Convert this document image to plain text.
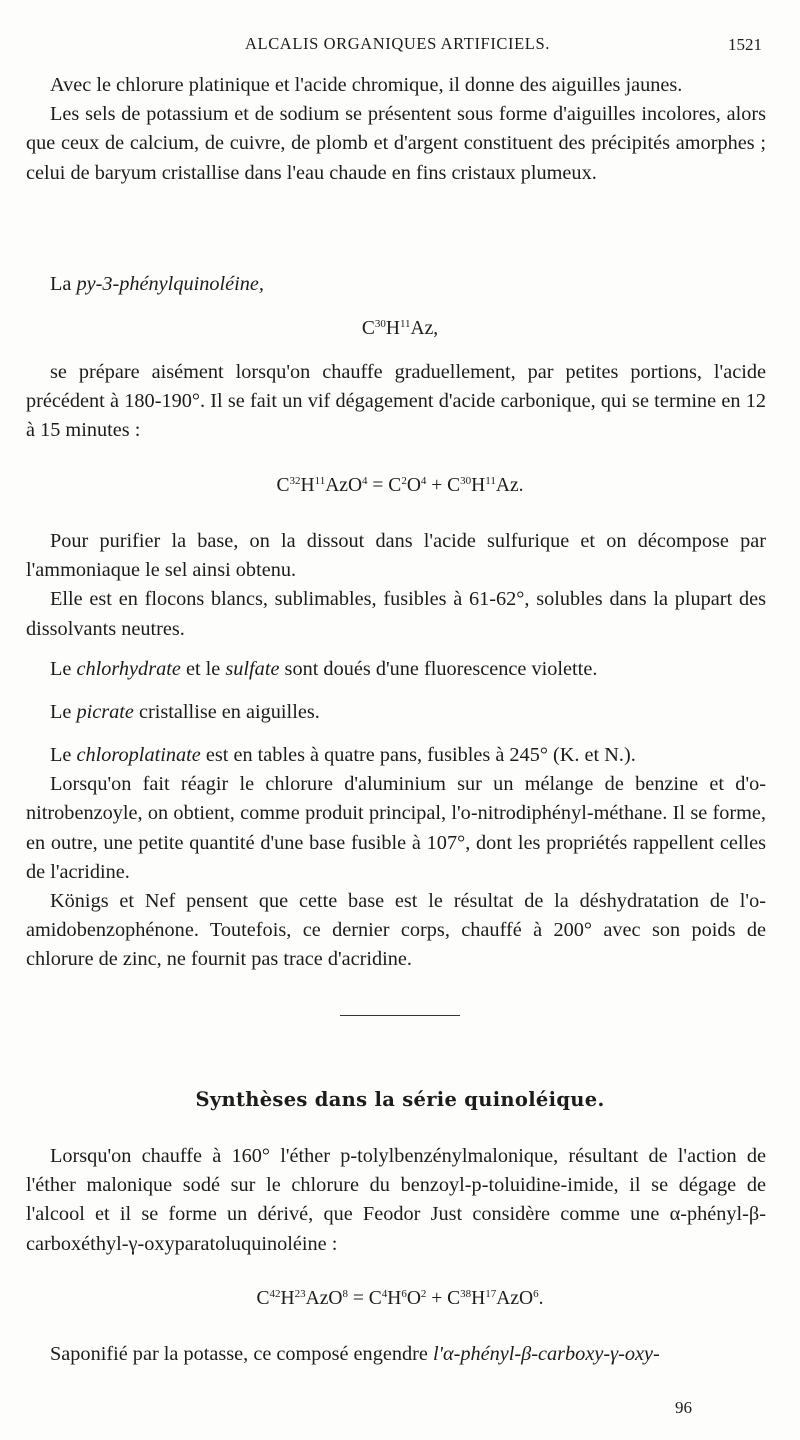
ALCALIS ORGANIQUES ARTIFICIELS.	1521

Avec le chlorure platinique et l'acide chromique, il donne des aiguilles jaunes.

Les sels de potassium et de sodium se présentent sous forme d'aiguilles incolores, alors que ceux de calcium, de cuivre, de plomb et d'argent constituent des précipités amorphes ; celui de baryum cristallise dans l'eau chaude en fins cristaux plumeux.

La py-3-phénylquinoléine,

$C^{30}H^{11}Az$,

se prépare aisément lorsqu'on chauffe graduellement, par petites portions, l'acide précédent à 180-190°. Il se fait un vif dégagement d'acide carbonique, qui se termine en 12 à 15 minutes :

$C^{32}H^{11}AzO^4 = C^2O^4 + C^{30}H^{11}Az$.

Pour purifier la base, on la dissout dans l'acide sulfurique et on décompose par l'ammoniaque le sel ainsi obtenu.

Elle est en flocons blancs, sublimables, fusibles à 61-62°, solubles dans la plupart des dissolvants neutres.

Le chlorhydrate et le sulfate sont doués d'une fluorescence violette.

Le picrate cristallise en aiguilles.

Le chloroplatinate est en tables à quatre pans, fusibles à 245° (K. et N.).

Lorsqu'on fait réagir le chlorure d'aluminium sur un mélange de benzine et d'o-nitrobenzoyle, on obtient, comme produit principal, l'o-nitrodiphényl-méthane. Il se forme, en outre, une petite quantité d'une base fusible à 107°, dont les propriétés rappellent celles de l'acridine.

Königs et Nef pensent que cette base est le résultat de la déshydratation de l'o-amidobenzophénone. Toutefois, ce dernier corps, chauffé à 200° avec son poids de chlorure de zinc, ne fournit pas trace d'acridine.

Synthèses dans la série quinoléique.

Lorsqu'on chauffe à 160° l'éther p-tolylbenzénylmalonique, résultant de l'action de l'éther malonique sodé sur le chlorure du benzoyl-p-toluidine-imide, il se dégage de l'alcool et il se forme un dérivé, que Feodor Just considère comme une α-phényl-β-carboxéthyl-γ-oxyparatoluquinoléine :

$C^{42}H^{23}AzO^8 = C^4H^6O^2 + C^{38}H^{17}AzO^6$.

Saponifié par la potasse, ce composé engendre l'α-phényl-β-carboxy-γ-oxy-

96
